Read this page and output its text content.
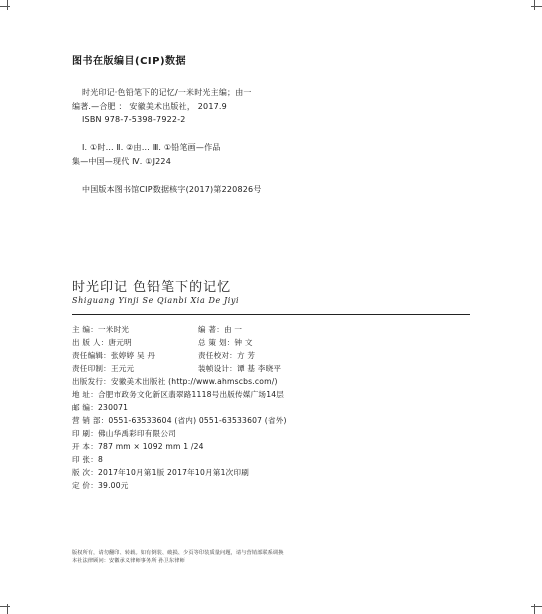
图书在版编目(CIP)数据
时光印记·色铅笔下的记忆/一米时光主编；由一
编著.—合肥 ： 安徽美术出版社， 2017.9
ISBN 978-7-5398-7922-2
Ⅰ. ①时… Ⅱ. ②由… Ⅲ. ①铅笔画—作品
集—中国—现代 Ⅳ. ①J224
中国版本图书馆CIP数据核字(2017)第220826号
时光印记 色铅笔下的记忆
Shiguang Yinji Se Qianbi Xia De Jiyi
主 编：一米时光	编 著：由 一
出 版 人：唐元明	总 策 划：钟 文
责任编辑：张婷婷 吴 丹	责任校对：方 芳
责任印制：王元元	装帧设计：谭 基 李晓平
出版发行：安徽美术出版社 (http://www.ahmscbs.com/)
地 址：合肥市政务文化新区翡翠路1118号出版传媒广场14层
邮 编：230071
营 销 部：0551-63533604 (省内) 0551-63533607 (省外)
印 刷：佛山华禹彩印有限公司
开 本：787 mm × 1092 mm 1 /24
印 张：8
版 次：2017年10月第1版 2017年10月第1次印刷
定 价：39.00元
版权所有，请勿翻印、转载。如有倒装、破损、少页等印装质量问题，请与营销部联系调换
本社法律顾问：安徽承义律师事务所 孙卫东律师
